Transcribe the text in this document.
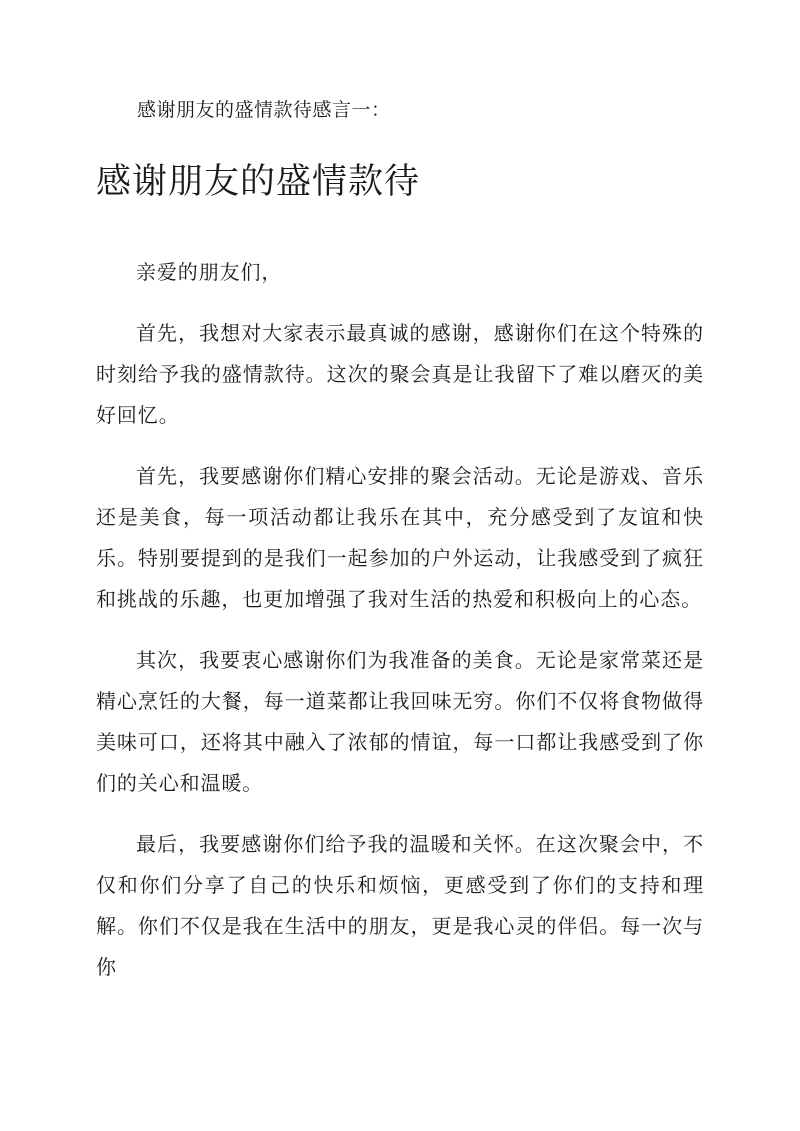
感谢朋友的盛情款待感言一：
感谢朋友的盛情款待

亲爱的朋友们，

首先，我想对大家表示最真诚的感谢，感谢你们在这个特殊的时刻给予我的盛情款待。这次的聚会真是让我留下了难以磨灭的美好回忆。

首先，我要感谢你们精心安排的聚会活动。无论是游戏、音乐还是美食，每一项活动都让我乐在其中，充分感受到了友谊和快乐。特别要提到的是我们一起参加的户外运动，让我感受到了疯狂和挑战的乐趣，也更加增强了我对生活的热爱和积极向上的心态。

其次，我要衷心感谢你们为我准备的美食。无论是家常菜还是精心烹饪的大餐，每一道菜都让我回味无穷。你们不仅将食物做得美味可口，还将其中融入了浓郁的情谊，每一口都让我感受到了你们的关心和温暖。

最后，我要感谢你们给予我的温暖和关怀。在这次聚会中，不仅和你们分享了自己的快乐和烦恼，更感受到了你们的支持和理解。你们不仅是我在生活中的朋友，更是我心灵的伴侣。每一次与你
